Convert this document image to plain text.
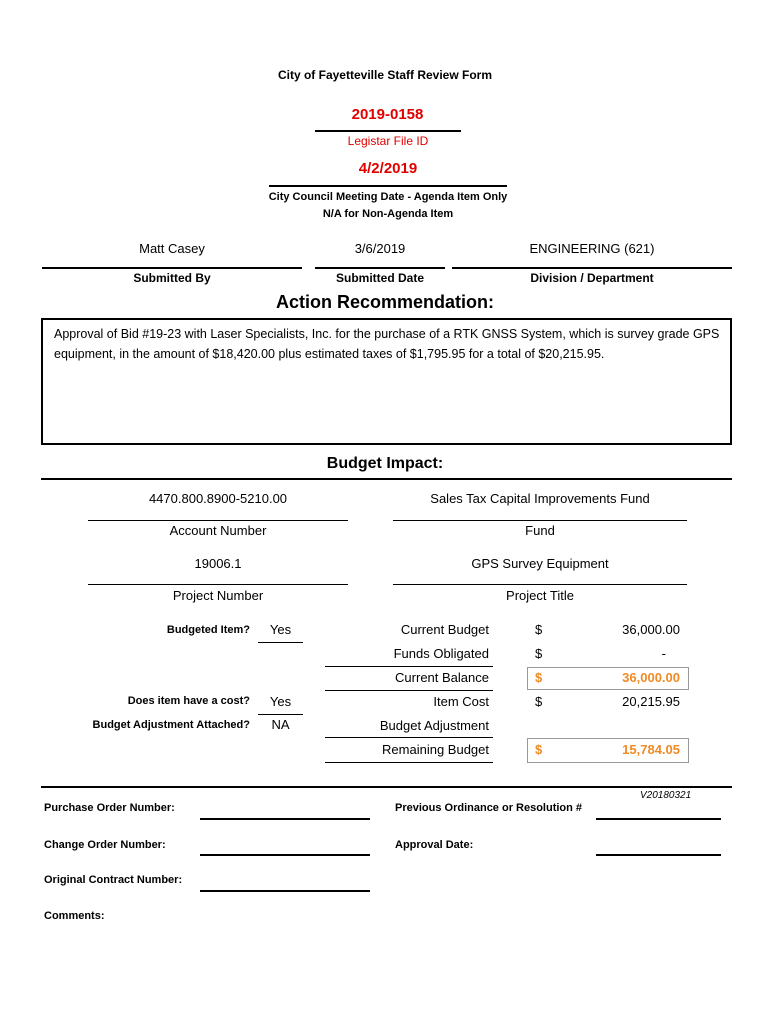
City of Fayetteville Staff Review Form
2019-0158
Legistar File ID
4/2/2019
City Council Meeting Date - Agenda Item Only
N/A for Non-Agenda Item
Matt Casey
Submitted By
3/6/2019
Submitted Date
ENGINEERING (621)
Division / Department
Action Recommendation:
Approval of Bid #19-23 with Laser Specialists, Inc. for the purchase of a RTK GNSS System, which is survey grade GPS equipment, in the amount of $18,420.00 plus estimated taxes of $1,795.95 for a total of $20,215.95.
Budget Impact:
4470.800.8900-5210.00
Account Number
Sales Tax Capital Improvements Fund
Fund
19006.1
Project Number
GPS Survey Equipment
Project Title
Budgeted Item?	Yes
Does item have a cost?	Yes
Budget Adjustment Attached?	NA
Current Budget	$	36,000.00
Funds Obligated	$	-
Current Balance	$	36,000.00
Item Cost	$	20,215.95
Budget Adjustment
Remaining Budget	$	15,784.05
V20180321
Purchase Order Number:	Previous Ordinance or Resolution #
Change Order Number:	Approval Date:
Original Contract Number:
Comments:
